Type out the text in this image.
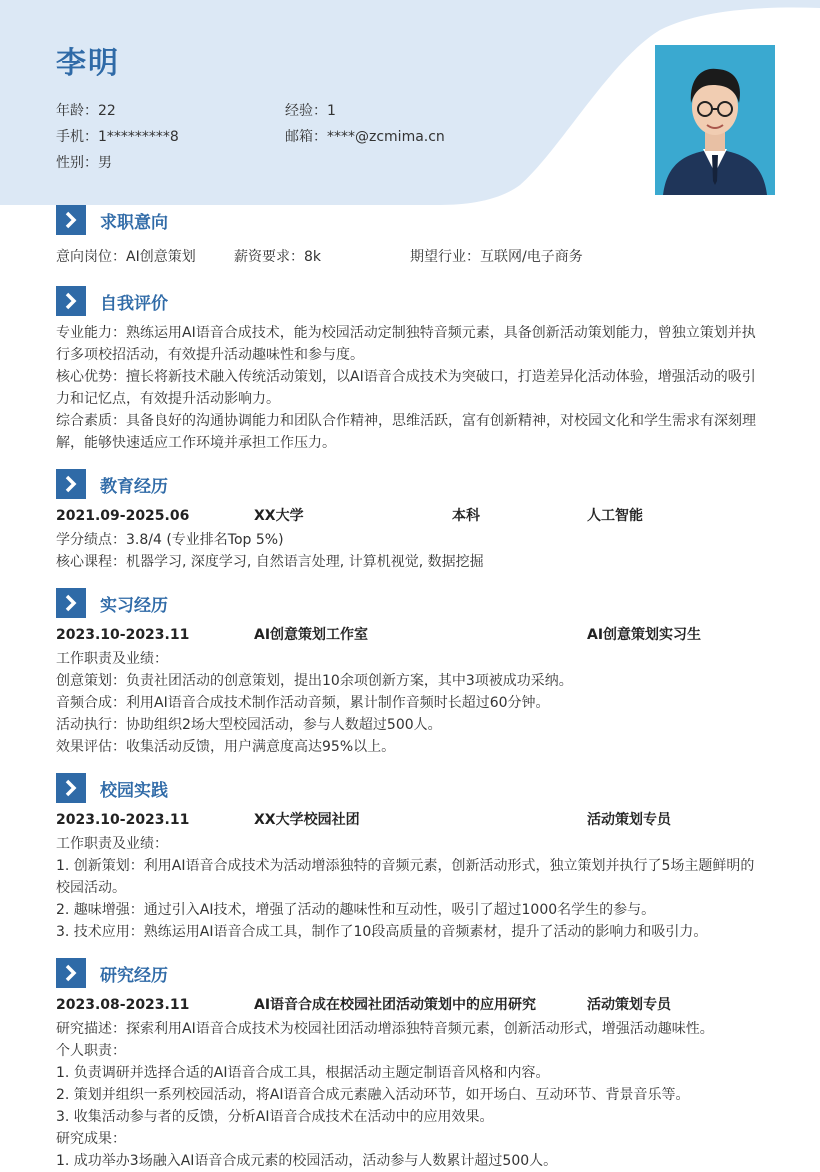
李明
年龄：22	经验：1
手机：1*********8	邮箱：****@zcmima.cn
性别：男
求职意向
意向岗位：AI创意策划	薪资要求：8k	期望行业：互联网/电子商务
自我评价
专业能力：熟练运用AI语音合成技术，能为校园活动定制独特音频元素，具备创新活动策划能力，曾独立策划并执
行多项校招活动，有效提升活动趣味性和参与度。
核心优势：擅长将新技术融入传统活动策划，以AI语音合成技术为突破口，打造差异化活动体验，增强活动的吸引
力和记忆点，有效提升活动影响力。
综合素质：具备良好的沟通协调能力和团队合作精神，思维活跃，富有创新精神，对校园文化和学生需求有深刻理
解，能够快速适应工作环境并承担工作压力。
教育经历
2021.09-2025.06	XX大学	本科	人工智能
学分绩点：3.8/4 (专业排名Top 5%)
核心课程：机器学习, 深度学习, 自然语言处理, 计算机视觉, 数据挖掘
实习经历
2023.10-2023.11	AI创意策划工作室	AI创意策划实习生
工作职责及业绩：
创意策划：负责社团活动的创意策划，提出10余项创新方案，其中3项被成功采纳。
音频合成：利用AI语音合成技术制作活动音频，累计制作音频时长超过60分钟。
活动执行：协助组织2场大型校园活动，参与人数超过500人。
效果评估：收集活动反馈，用户满意度高达95%以上。
校园实践
2023.10-2023.11	XX大学校园社团	活动策划专员
工作职责及业绩：
1. 创新策划：利用AI语音合成技术为活动增添独特的音频元素，创新活动形式，独立策划并执行了5场主题鲜明的
校园活动。
2. 趣味增强：通过引入AI技术，增强了活动的趣味性和互动性，吸引了超过1000名学生的参与。
3. 技术应用：熟练运用AI语音合成工具，制作了10段高质量的音频素材，提升了活动的影响力和吸引力。
研究经历
2023.08-2023.11	AI语音合成在校园社团活动策划中的应用研究	活动策划专员
研究描述：探索利用AI语音合成技术为校园社团活动增添独特音频元素，创新活动形式，增强活动趣味性。
个人职责：
1. 负责调研并选择合适的AI语音合成工具，根据活动主题定制语音风格和内容。
2. 策划并组织一系列校园活动，将AI语音合成元素融入活动环节，如开场白、互动环节、背景音乐等。
3. 收集活动参与者的反馈，分析AI语音合成技术在活动中的应用效果。
研究成果：
1. 成功举办3场融入AI语音合成元素的校园活动，活动参与人数累计超过500人。
